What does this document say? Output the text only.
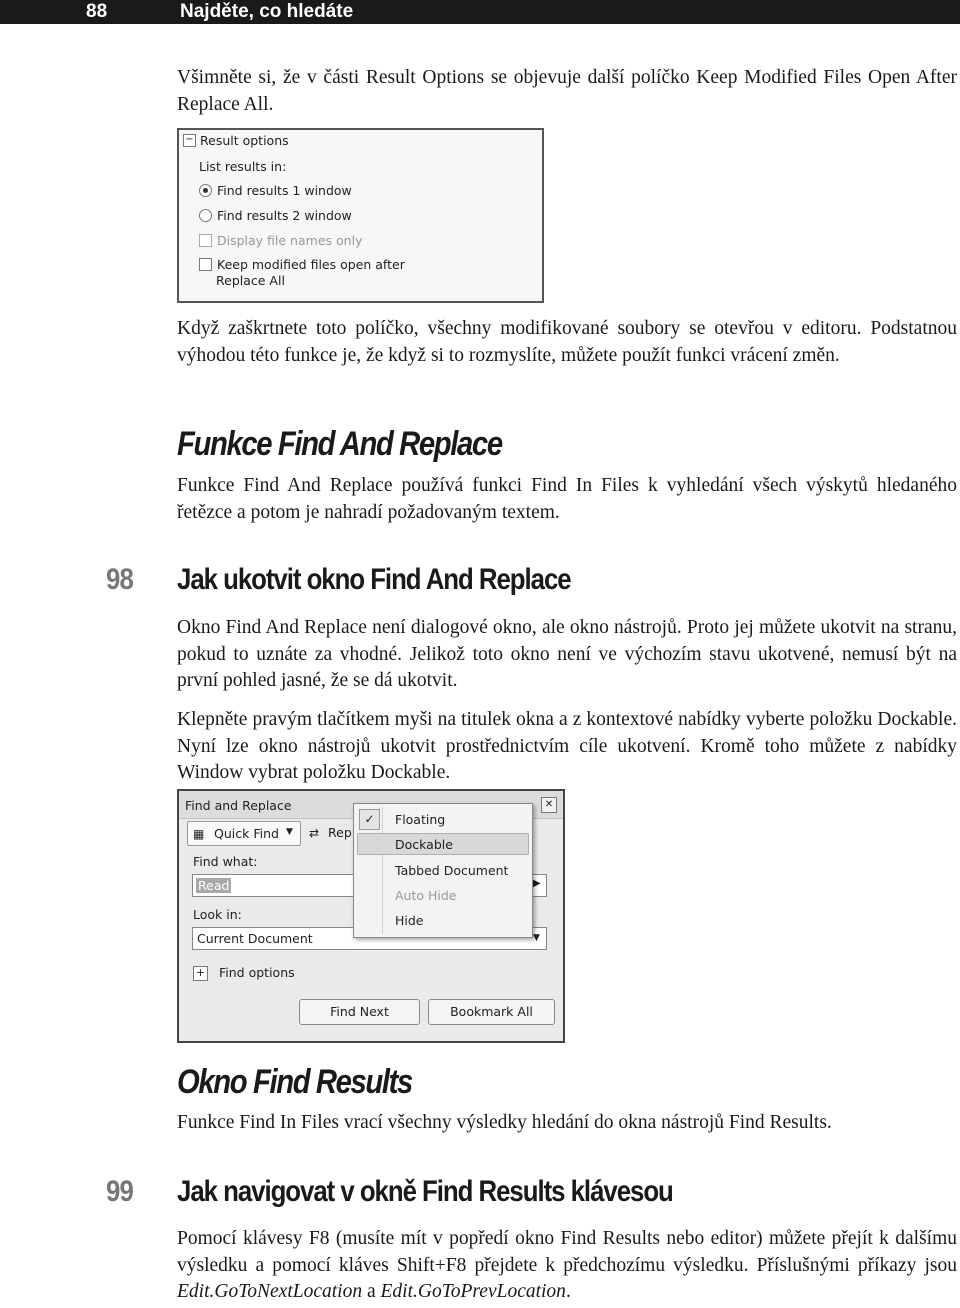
88	Najděte, co hledáte

Všimněte si, že v části Result Options se objevuje další políčko Keep Modified Files Open After Replace All.

− Result options
List results in:
Find results 1 window
Find results 2 window
Display file names only
Keep modified files open after
Replace All

Když zaškrtnete toto políčko, všechny modifikované soubory se otevřou v editoru. Podstatnou výhodou této funkce je, že když si to rozmyslíte, můžete použít funkci vrácení změn.

Funkce Find And Replace

Funkce Find And Replace používá funkci Find In Files k vyhledání všech výskytů hledaného řetězce a potom je nahradí požadovaným textem.

98 Jak ukotvit okno Find And Replace

Okno Find And Replace není dialogové okno, ale okno nástrojů. Proto jej můžete ukotvit na stranu, pokud to uznáte za vhodné. Jelikož toto okno není ve výchozím stavu ukotvené, nemusí být na první pohled jasné, že se dá ukotvit.

Klepněte pravým tlačítkem myši na titulek okna a z kontextové nabídky vyberte položku Dockable. Nyní lze okno nástrojů ukotvit prostřednictvím cíle ukotvení. Kromě toho můžete z nabídky Window vybrat položku Dockable.

Find and Replace	✕
▦ Quick Find ▼ ⇄ Rep
Find what:
Read	▶
Look in:
Current Document	▼
+ Find options
Find Next	Bookmark All
✓	Floating
Dockable
Tabbed Document
Auto Hide
Hide
Okno Find Results

Funkce Find In Files vrací všechny výsledky hledání do okna nástrojů Find Results.

99 Jak navigovat v okně Find Results klávesou

Pomocí klávesy F8 (musíte mít v popředí okno Find Results nebo editor) můžete přejít k dalšímu výsledku a pomocí kláves Shift+F8 přejdete k předchozímu výsledku. Příslušnými příkazy jsou Edit.GoToNextLocation a Edit.GoToPrevLocation.
